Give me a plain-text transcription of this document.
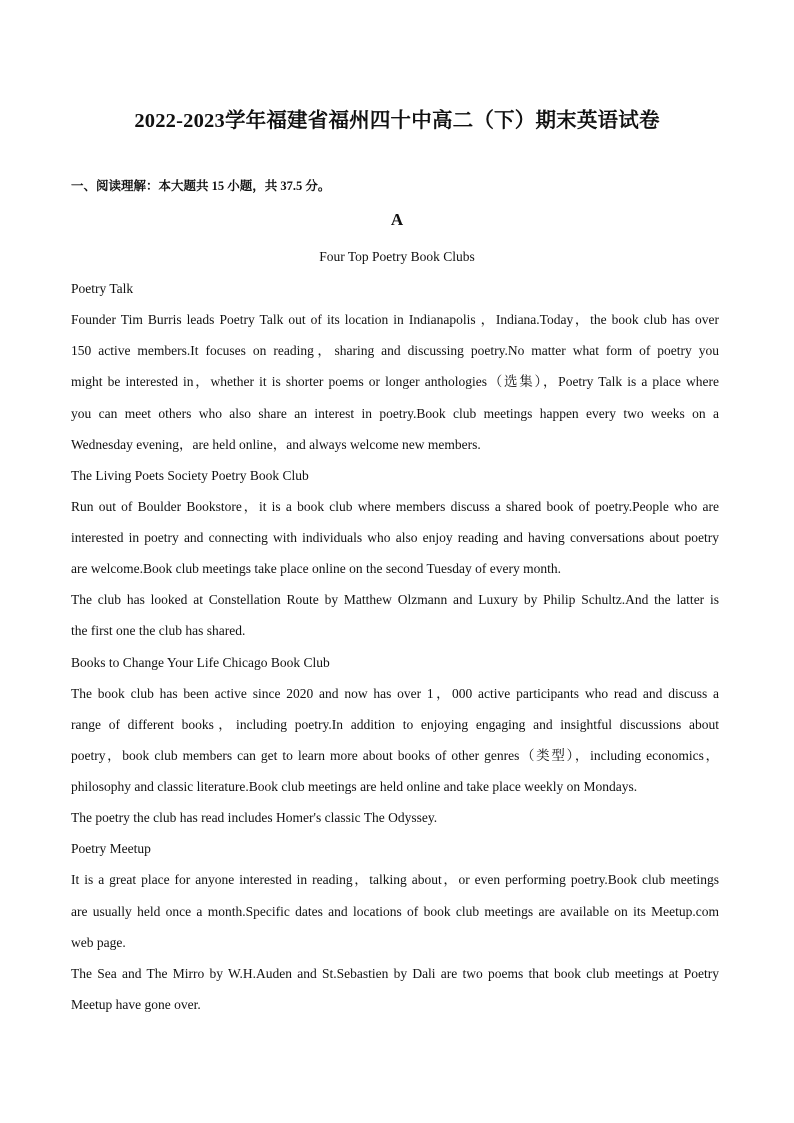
2022-2023学年福建省福州四十中高二（下）期末英语试卷
一、阅读理解：本大题共 15 小题，共 37.5 分。
A
Four Top Poetry Book Clubs
Poetry Talk
Founder Tim Burris leads Poetry Talk out of its location in Indianapolis ，Indiana.Today，the book club has over
150 active members.It focuses on reading，sharing and discussing poetry.No matter what form of poetry you
might be interested in，whether it is shorter poems or longer anthologies（选集），Poetry Talk is a place where
you can meet others who also share an interest in poetry.Book club meetings happen every two weeks on a
Wednesday evening，are held online，and always welcome new members.
The Living Poets Society Poetry Book Club
Run out of Boulder Bookstore，it is a book club where members discuss a shared book of poetry.People who are
interested in poetry and connecting with individuals who also enjoy reading and having conversations about poetry
are welcome.Book club meetings take place online on the second Tuesday of every month.
The club has looked at Constellation Route by Matthew Olzmann and Luxury by Philip Schultz.And the latter is
the first one the club has shared.
Books to Change Your Life Chicago Book Club
The book club has been active since 2020 and now has over 1，000 active participants who read and discuss a
range of different books，including poetry.In addition to enjoying engaging and insightful discussions about
poetry，book club members can get to learn more about books of other genres（类型），including economics，
philosophy and classic literature.Book club meetings are held online and take place weekly on Mondays.
The poetry the club has read includes Homer's classic The Odyssey.
Poetry Meetup
It is a great place for anyone interested in reading，talking about，or even performing poetry.Book club meetings
are usually held once a month.Specific dates and locations of book club meetings are available on its Meetup.com
web page.
The Sea and The Mirro by W.H.Auden and St.Sebastien by Dali are two poems that book club meetings at Poetry
Meetup have gone over.
